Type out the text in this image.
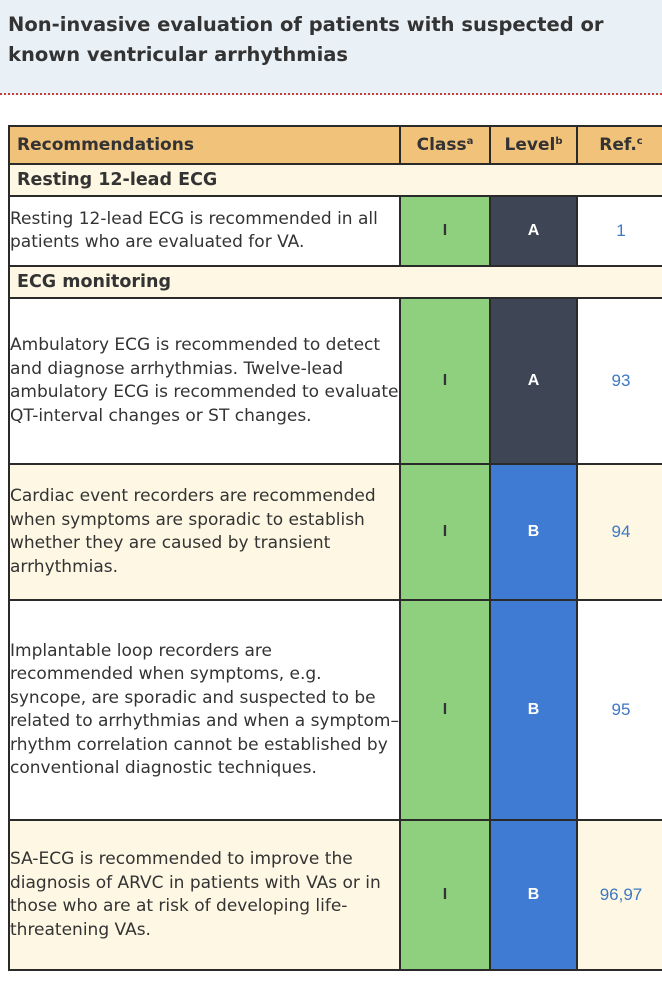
Non-invasive evaluation of patients with suspected or known ventricular arrhythmias
Recommendations	Class$^a$	Level$^b$	Ref.$^c$
Resting 12-lead ECG			
Resting 12-lead ECG is recommended in all patients who are evaluated for VA.	I	A	1
ECG monitoring			
Ambulatory ECG is recommended to detect and diagnose arrhythmias. Twelve-lead ambulatory ECG is recommended to evaluate QT-interval changes or ST changes.	I	A	93
Cardiac event recorders are recommended when symptoms are sporadic to establish whether they are caused by transient arrhythmias.	I	B	94
Implantable loop recorders are recommended when symptoms, e.g. syncope, are sporadic and suspected to be related to arrhythmias and when a symptom–rhythm correlation cannot be established by conventional diagnostic techniques.	I	B	95
SA-ECG is recommended to improve the diagnosis of ARVC in patients with VAs or in those who are at risk of developing life-threatening VAs.	I	B	96,97
